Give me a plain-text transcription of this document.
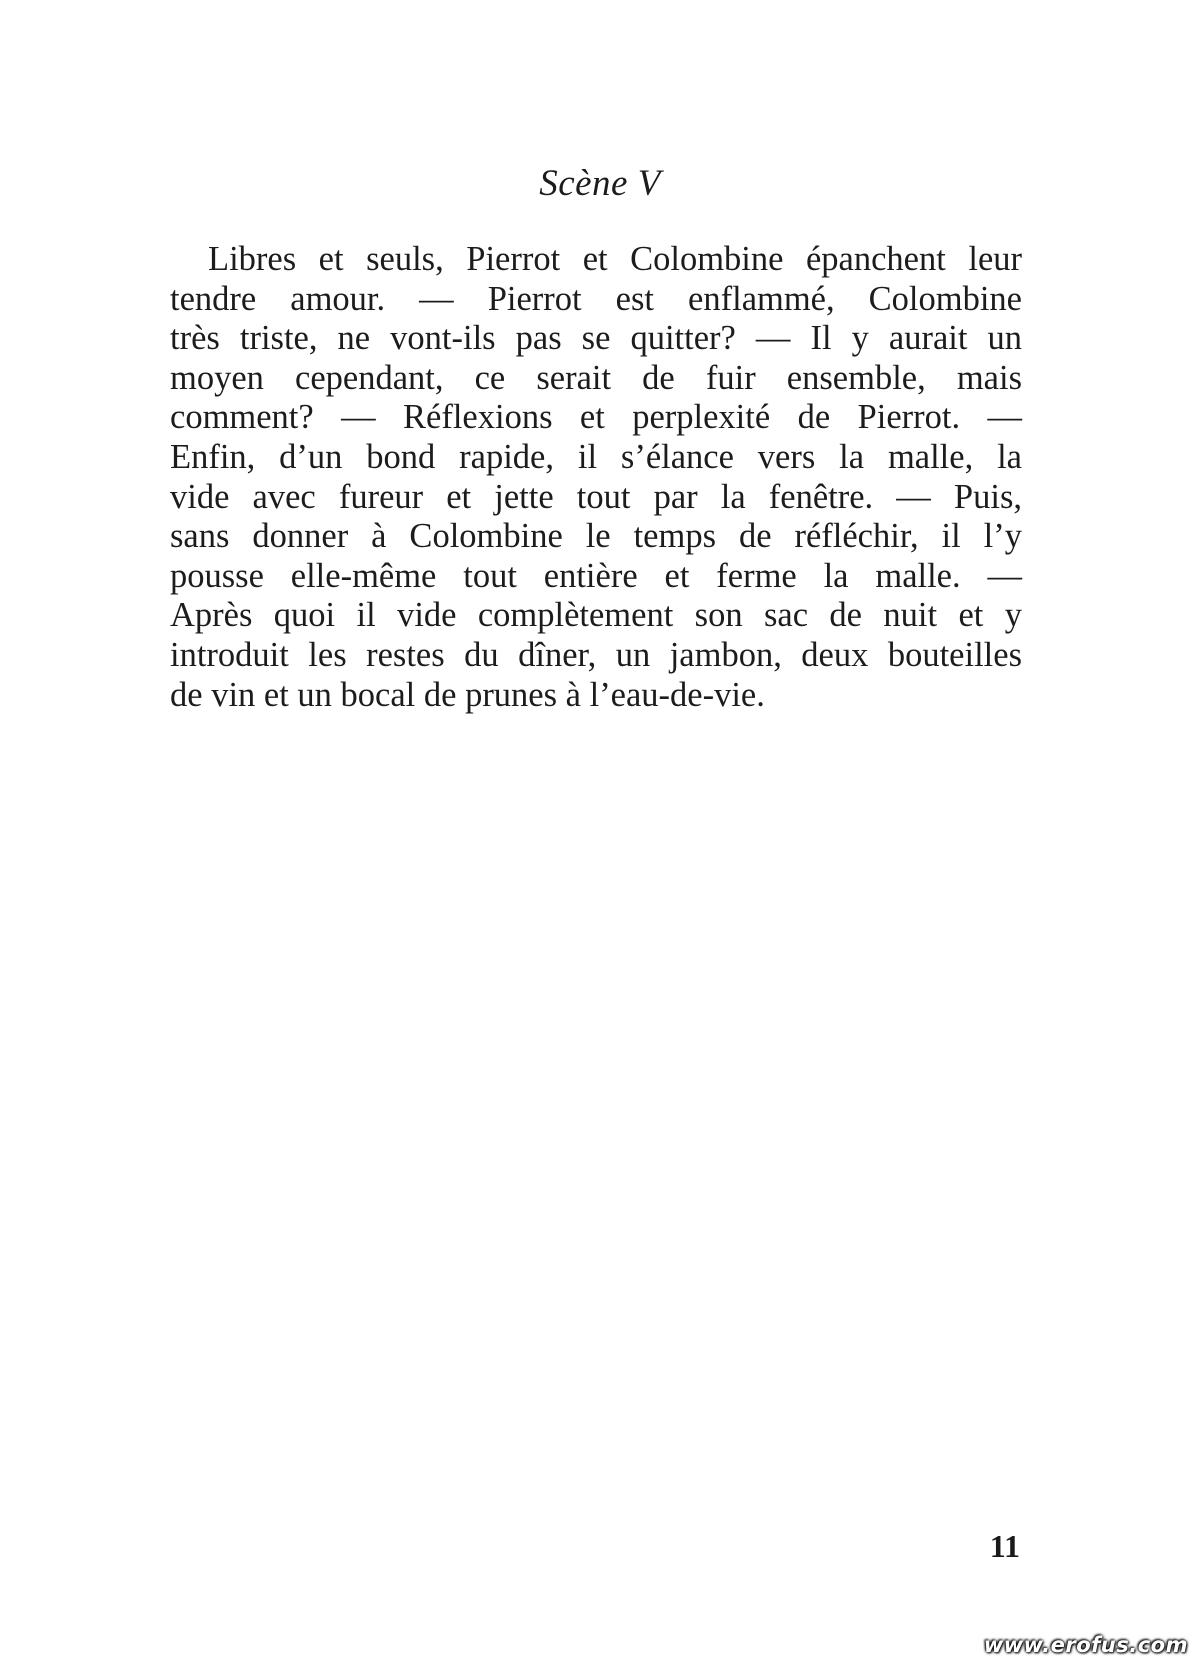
Scène V

Libres et seuls, Pierrot et Colombine épanchent leur
tendre amour. — Pierrot est enflammé, Colombine
très triste, ne vont-ils pas se quitter? — Il y aurait un
moyen cependant, ce serait de fuir ensemble, mais
comment? — Réflexions et perplexité de Pierrot. —
Enfin, d’un bond rapide, il s’élance vers la malle, la
vide avec fureur et jette tout par la fenêtre. — Puis,
sans donner à Colombine le temps de réfléchir, il l’y
pousse elle-même tout entière et ferme la malle. —
Après quoi il vide complètement son sac de nuit et y
introduit les restes du dîner, un jambon, deux bouteilles
de vin et un bocal de prunes à l’eau-de-vie.

11
www.erofus.com
